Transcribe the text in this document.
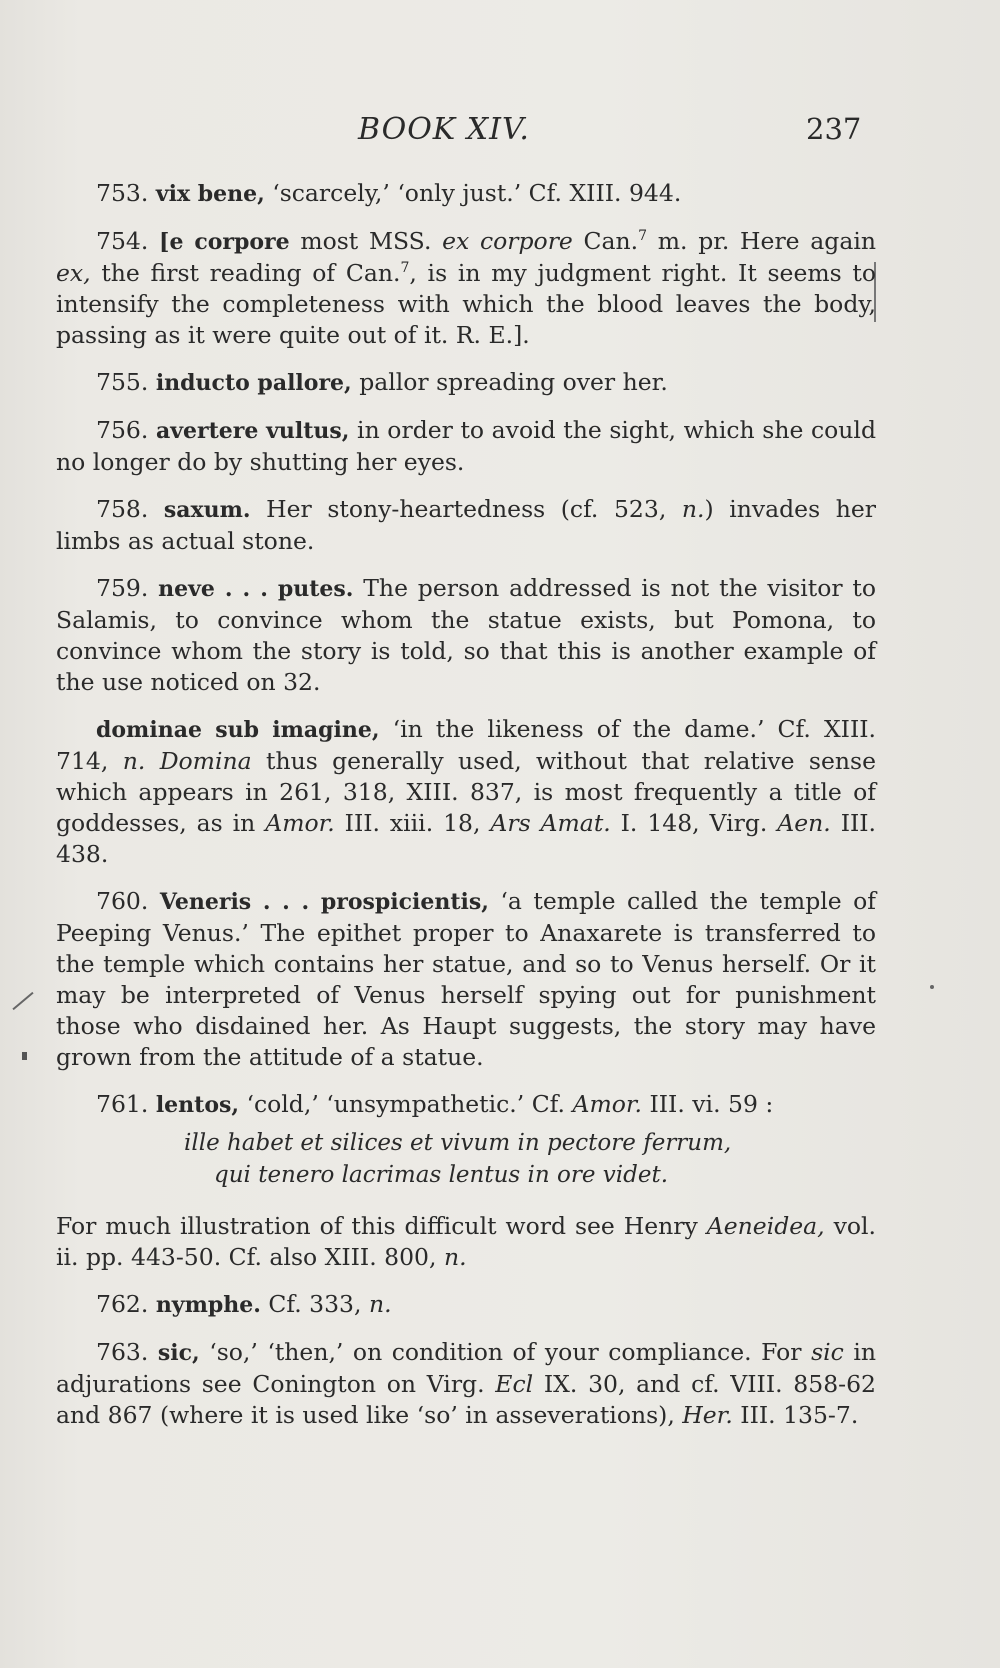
BOOK XIV.	237

753. vix bene, ‘scarcely,’ ‘only just.’ Cf. XIII. 944.

754. [e corpore most MSS. ex corpore Can.$^7$ m. pr. Here again ex, the first reading of Can.$^7$, is in my judgment right. It seems to intensify the completeness with which the blood leaves the body, passing as it were quite out of it. R. E.].

755. inducto pallore, pallor spreading over her.

756. avertere vultus, in order to avoid the sight, which she could no longer do by shutting her eyes.

758. saxum. Her stony-heartedness (cf. 523, n.) invades her limbs as actual stone.

759. neve . . . putes. The person addressed is not the visitor to Salamis, to convince whom the statue exists, but Pomona, to convince whom the story is told, so that this is another example of the use noticed on 32.

dominae sub imagine, ‘in the likeness of the dame.’ Cf. XIII. 714, n. Domina thus generally used, without that relative sense which appears in 261, 318, XIII. 837, is most frequently a title of goddesses, as in Amor. III. xiii. 18, Ars Amat. I. 148, Virg. Aen. III. 438.

760. Veneris . . . prospicientis, ‘a temple called the temple of Peeping Venus.’ The epithet proper to Anaxarete is transferred to the temple which contains her statue, and so to Venus herself. Or it may be interpreted of Venus herself spying out for punishment those who disdained her. As Haupt suggests, the story may have grown from the attitude of a statue.

761. lentos, ‘cold,’ ‘unsympathetic.’ Cf. Amor. III. vi. 59 :

ille habet et silices et vivum in pectore ferrum,
qui tenero lacrimas lentus in ore videt.

For much illustration of this difficult word see Henry Aeneidea, vol. ii. pp. 443-50. Cf. also XIII. 800, n.

762. nymphe. Cf. 333, n.

763. sic, ‘so,’ ‘then,’ on condition of your compliance. For sic in adjurations see Conington on Virg. Ecl IX. 30, and cf. VIII. 858-62 and 867 (where it is used like ‘so’ in asseverations), Her. III. 135-7.
